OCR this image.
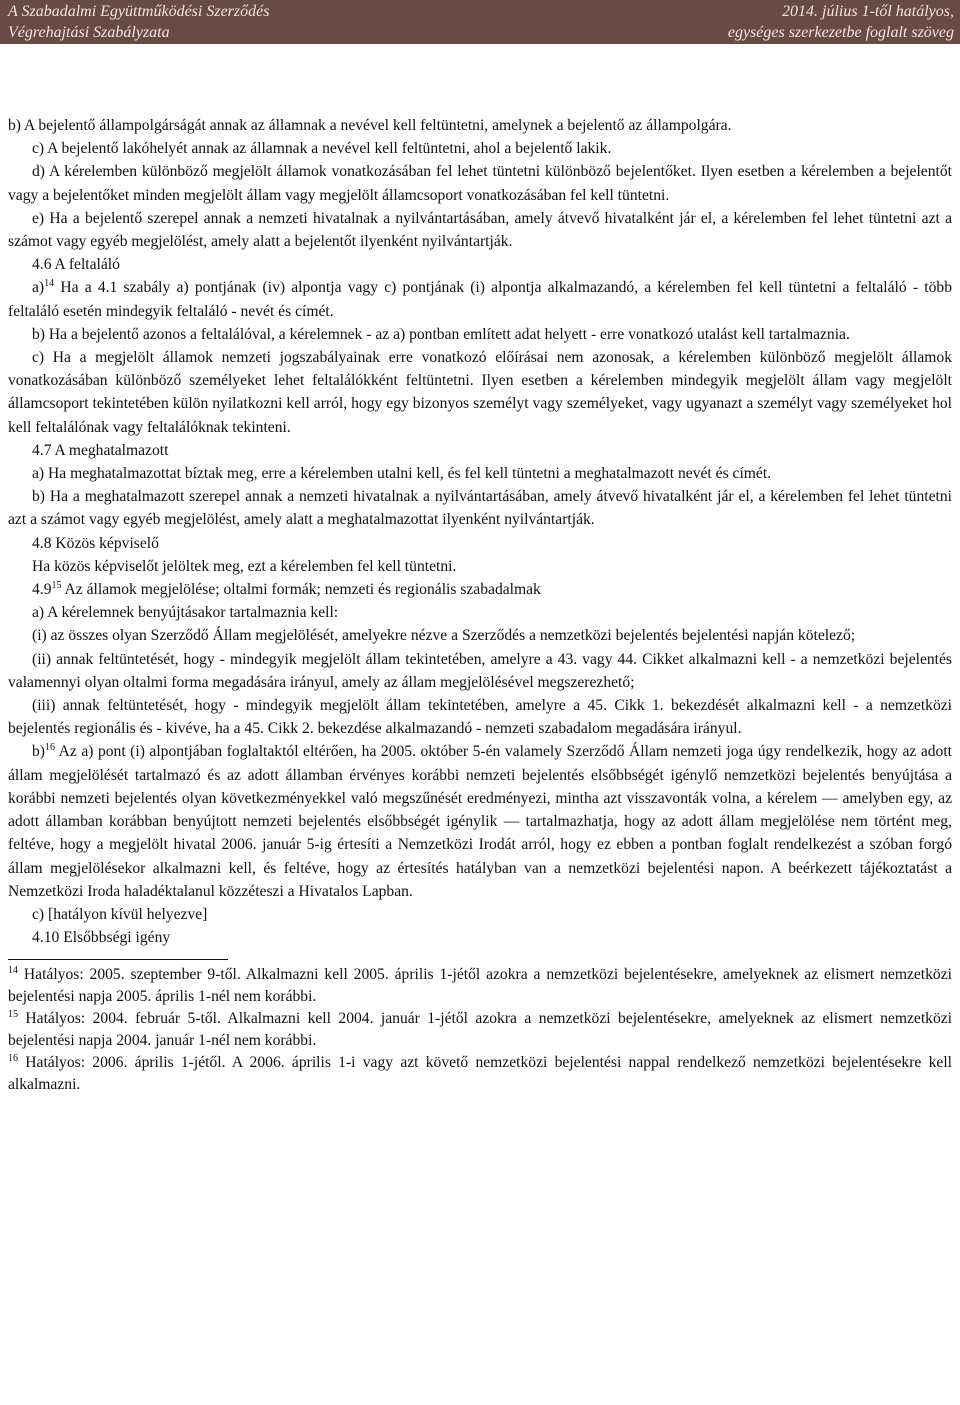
A Szabadalmi Együttműködési Szerződés
Végrehajtási Szabályzata
2014. július 1-től hatályos,
egységes szerkezetbe foglalt szöveg

b) A bejelentő állampolgárságát annak az államnak a nevével kell feltüntetni, amelynek a bejelentő az állampolgára.

c) A bejelentő lakóhelyét annak az államnak a nevével kell feltüntetni, ahol a bejelentő lakik.

d) A kérelemben különböző megjelölt államok vonatkozásában fel lehet tüntetni különböző bejelentőket. Ilyen esetben a kérelemben a bejelentőt vagy a bejelentőket minden megjelölt állam vagy megjelölt államcsoport vonatkozásában fel kell tüntetni.

e) Ha a bejelentő szerepel annak a nemzeti hivatalnak a nyilvántartásában, amely átvevő hivatalként jár el, a kérelemben fel lehet tüntetni azt a számot vagy egyéb megjelölést, amely alatt a bejelentőt ilyenként nyilvántartják.

4.6 A feltaláló

a)$^{14}$ Ha a 4.1 szabály a) pontjának (iv) alpontja vagy c) pontjának (i) alpontja alkalmazandó, a kérelemben fel kell tüntetni a feltaláló - több feltaláló esetén mindegyik feltaláló - nevét és címét.

b) Ha a bejelentő azonos a feltalálóval, a kérelemnek - az a) pontban említett adat helyett - erre vonatkozó utalást kell tartalmaznia.

c) Ha a megjelölt államok nemzeti jogszabályainak erre vonatkozó előírásai nem azonosak, a kérelemben különböző megjelölt államok vonatkozásában különböző személyeket lehet feltalálókként feltüntetni. Ilyen esetben a kérelemben mindegyik megjelölt állam vagy megjelölt államcsoport tekintetében külön nyilatkozni kell arról, hogy egy bizonyos személyt vagy személyeket, vagy ugyanazt a személyt vagy személyeket hol kell feltalálónak vagy feltalálóknak tekinteni.

4.7 A meghatalmazott

a) Ha meghatalmazottat bíztak meg, erre a kérelemben utalni kell, és fel kell tüntetni a meghatalmazott nevét és címét.

b) Ha a meghatalmazott szerepel annak a nemzeti hivatalnak a nyilvántartásában, amely átvevő hivatalként jár el, a kérelemben fel lehet tüntetni azt a számot vagy egyéb megjelölést, amely alatt a meghatalmazottat ilyenként nyilvántartják.

4.8 Közös képviselő

Ha közös képviselőt jelöltek meg, ezt a kérelemben fel kell tüntetni.

$4.9^{15}$ Az államok megjelölése; oltalmi formák; nemzeti és regionális szabadalmak

a) A kérelemnek benyújtásakor tartalmaznia kell:

(i) az összes olyan Szerződő Állam megjelölését, amelyekre nézve a Szerződés a nemzetközi bejelentés bejelentési napján kötelező;

(ii) annak feltüntetését, hogy - mindegyik megjelölt állam tekintetében, amelyre a 43. vagy 44. Cikket alkalmazni kell - a nemzetközi bejelentés valamennyi olyan oltalmi forma megadására irányul, amely az állam megjelölésével megszerezhető;

(iii) annak feltüntetését, hogy - mindegyik megjelölt állam tekintetében, amelyre a 45. Cikk 1. bekezdését alkalmazni kell - a nemzetközi bejelentés regionális és - kivéve, ha a 45. Cikk 2. bekezdése alkalmazandó - nemzeti szabadalom megadására irányul.

b)$^{16}$ Az a) pont (i) alpontjában foglaltaktól eltérően, ha 2005. október 5-én valamely Szerződő Állam nemzeti joga úgy rendelkezik, hogy az adott állam megjelölését tartalmazó és az adott államban érvényes korábbi nemzeti bejelentés elsőbbségét igénylő nemzetközi bejelentés benyújtása a korábbi nemzeti bejelentés olyan következményekkel való megszűnését eredményezi, mintha azt visszavonták volna, a kérelem — amelyben egy, az adott államban korábban benyújtott nemzeti bejelentés elsőbbségét igénylik — tartalmazhatja, hogy az adott állam megjelölése nem történt meg, feltéve, hogy a megjelölt hivatal 2006. január 5-ig értesíti a Nemzetközi Irodát arról, hogy ez ebben a pontban foglalt rendelkezést a szóban forgó állam megjelölésekor alkalmazni kell, és feltéve, hogy az értesítés hatályban van a nemzetközi bejelentési napon. A beérkezett tájékoztatást a Nemzetközi Iroda haladéktalanul közzéteszi a Hivatalos Lapban.

c) [hatályon kívül helyezve]

4.10 Elsőbbségi igény

$^{14}$ Hatályos: 2005. szeptember 9-től. Alkalmazni kell 2005. április 1-jétől azokra a nemzetközi bejelentésekre, amelyeknek az elismert nemzetközi bejelentési napja 2005. április 1-nél nem korábbi.

$^{15}$ Hatályos: 2004. február 5-től. Alkalmazni kell 2004. január 1-jétől azokra a nemzetközi bejelentésekre, amelyeknek az elismert nemzetközi bejelentési napja 2004. január 1-nél nem korábbi.

$^{16}$ Hatályos: 2006. április 1-jétől. A 2006. április 1-i vagy azt követő nemzetközi bejelentési nappal rendelkező nemzetközi bejelentésekre kell alkalmazni.
